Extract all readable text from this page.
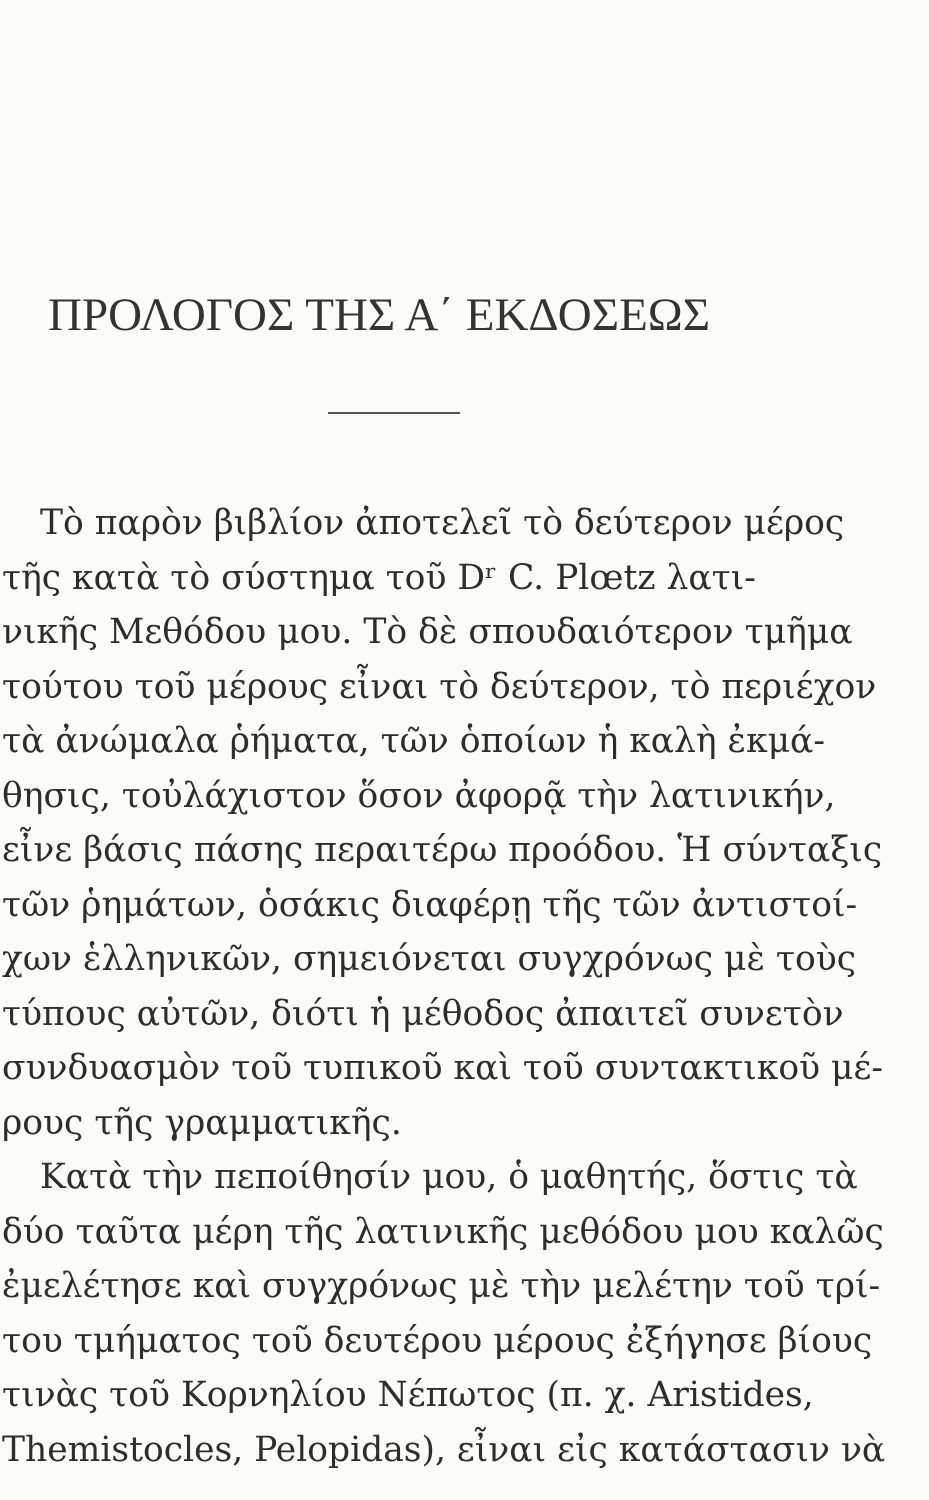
ΠΡΟΛΟΓΟΣ ΤΗΣ Α΄ ΕΚΔΟΣΕΩΣ
Τὸ παρὸν βιβλίον ἀποτελεῖ τὸ δεύτερον μέρος
τῆς κατὰ τὸ σύστημα τοῦ Dʳ C. Plœtz λατι-
νικῆς Μεθόδου μου. Τὸ δὲ σπουδαιότερον τμῆμα
τούτου τοῦ μέρους εἶναι τὸ δεύτερον, τὸ περιέχον
τὰ ἀνώμαλα ῥήματα, τῶν ὁποίων ἡ καλὴ ἐκμά-
θησις, τοὐλάχιστον ὅσον ἀφορᾷ τὴν λατινικήν,
εἶνε βάσις πάσης περαιτέρω προόδου. Ἡ σύνταξις
τῶν ῥημάτων, ὁσάκις διαφέρῃ τῆς τῶν ἀντιστοί-
χων ἑλληνικῶν, σημειόνεται συγχρόνως μὲ τοὺς
τύπους αὐτῶν, διότι ἡ μέθοδος ἀπαιτεῖ συνετὸν
συνδυασμὸν τοῦ τυπικοῦ καὶ τοῦ συντακτικοῦ μέ-
ρους τῆς γραμματικῆς.
Κατὰ τὴν πεποίθησίν μου, ὁ μαθητής, ὅστις τὰ
δύο ταῦτα μέρη τῆς λατινικῆς μεθόδου μου καλῶς
ἐμελέτησε καὶ συγχρόνως μὲ τὴν μελέτην τοῦ τρί-
του τμήματος τοῦ δευτέρου μέρους ἐξήγησε βίους
τινὰς τοῦ Κορνηλίου Νέπωτος (π. χ. Aristides,
Themistocles, Pelopidas), εἶναι εἰς κατάστασιν νὰ
